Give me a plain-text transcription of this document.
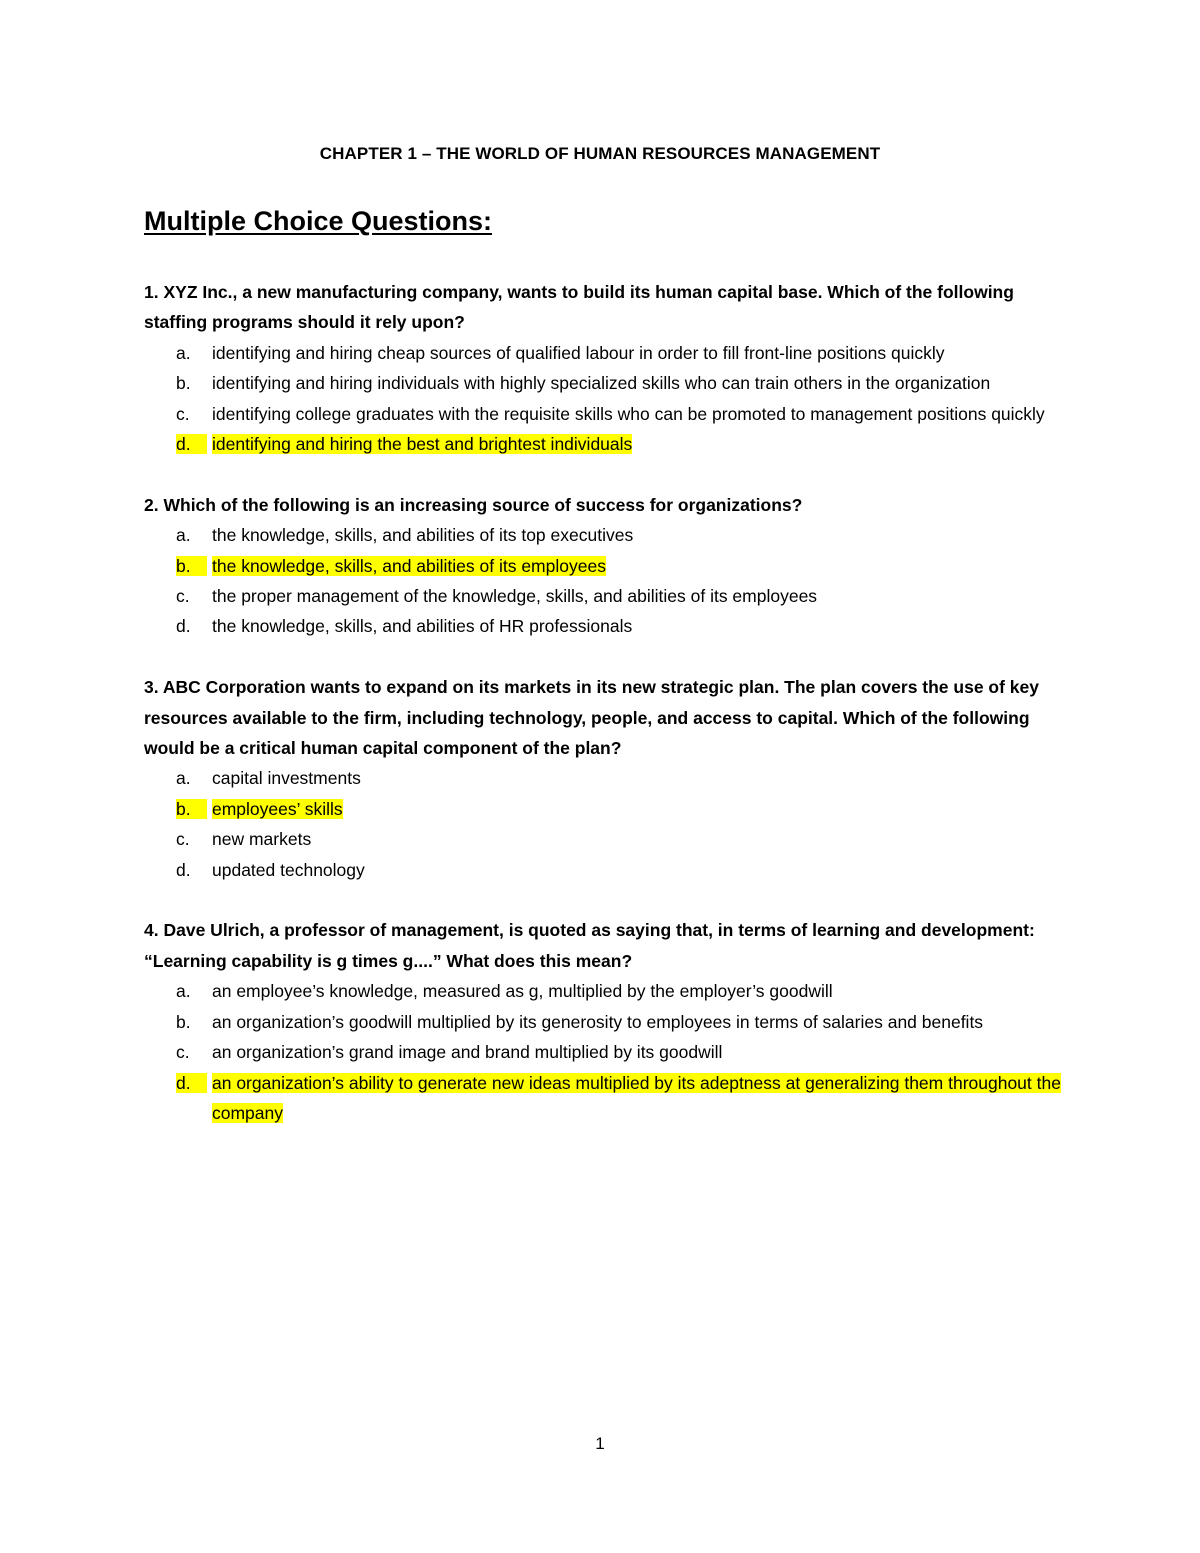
CHAPTER 1 – THE WORLD OF HUMAN RESOURCES MANAGEMENT
Multiple Choice Questions:
1. XYZ Inc., a new manufacturing company, wants to build its human capital base. Which of the following staffing programs should it rely upon?
a.	identifying and hiring cheap sources of qualified labour in order to fill front-line positions quickly
b.	identifying and hiring individuals with highly specialized skills who can train others in the organization
c.	identifying college graduates with the requisite skills who can be promoted to management positions quickly
d.	identifying and hiring the best and brightest individuals
2. Which of the following is an increasing source of success for organizations?
a.	the knowledge, skills, and abilities of its top executives
b.	the knowledge, skills, and abilities of its employees
c.	the proper management of the knowledge, skills, and abilities of its employees
d.	the knowledge, skills, and abilities of HR professionals
3. ABC Corporation wants to expand on its markets in its new strategic plan. The plan covers the use of key resources available to the firm, including technology, people, and access to capital. Which of the following would be a critical human capital component of the plan?
a.	capital investments
b.	employees’ skills
c.	new markets
d.	updated technology
4. Dave Ulrich, a professor of management, is quoted as saying that, in terms of learning and development: “Learning capability is g times g....” What does this mean?
a.	an employee’s knowledge, measured as g, multiplied by the employer’s goodwill
b.	an organization’s goodwill multiplied by its generosity to employees in terms of salaries and benefits
c.	an organization’s grand image and brand multiplied by its goodwill
d.	an organization’s ability to generate new ideas multiplied by its adeptness at generalizing them throughout the company
1
